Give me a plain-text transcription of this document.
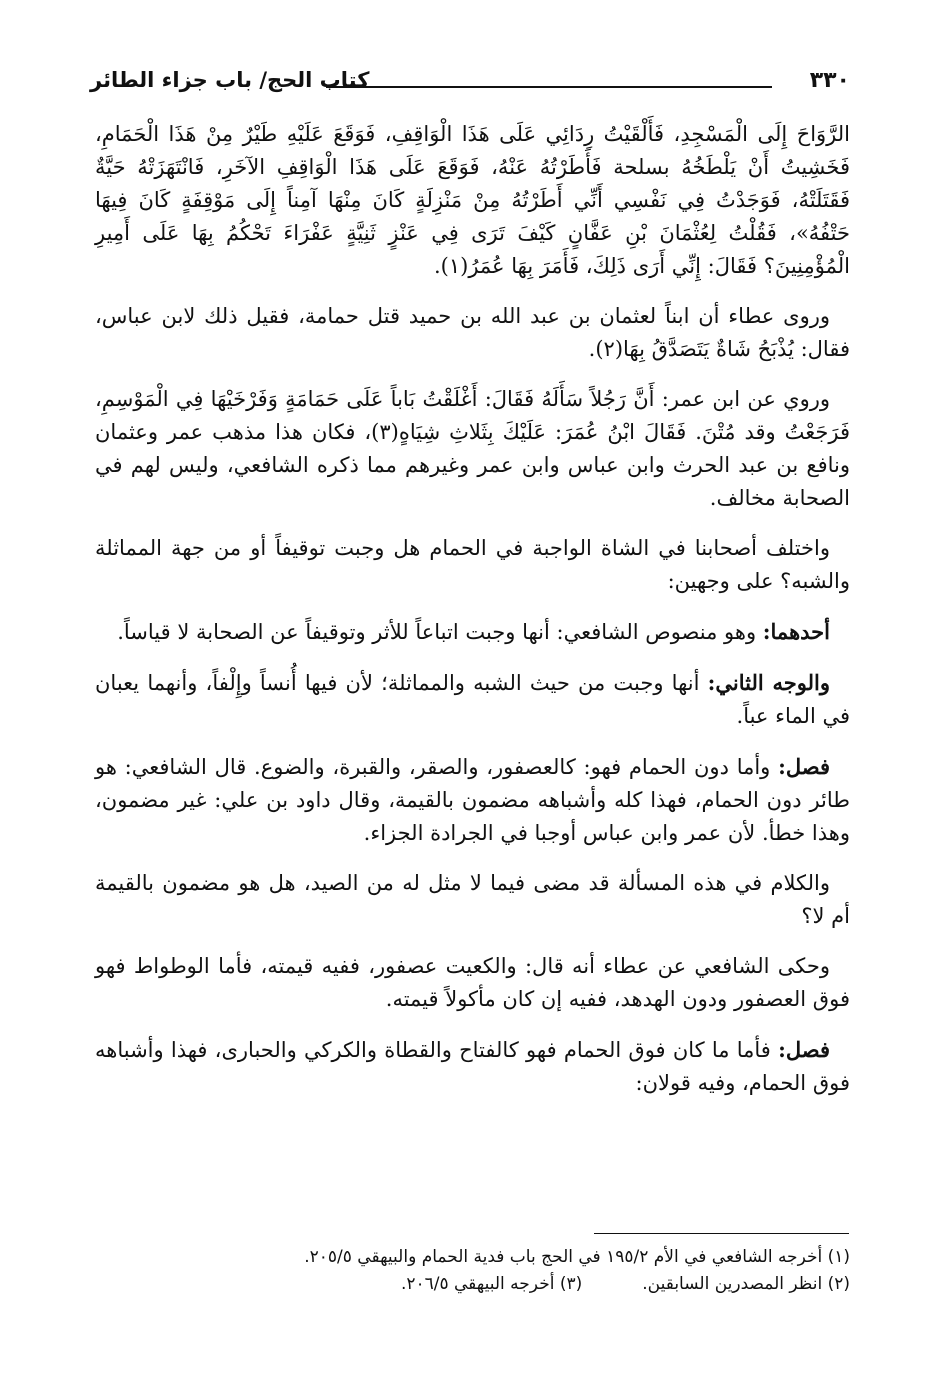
٣٣٠
كتاب الحج/ باب جزاء الطائر

الرَّوَاحَ إِلَى الْمَسْجِدِ، فَأَلْقَيْتُ رِدَائِي عَلَى هَذَا الْوَاقِفِ، فَوَقَعَ عَلَيْهِ طَيْرٌ مِنْ هَذَا الْحَمَامِ، فَخَشِيتُ أَنْ يَلْطَخُهُ بسلحة فَأَطَرْتُهُ عَنْهُ، فَوَقَعَ عَلَى هَذَا الْوَاقِفِ الآخَرِ، فَانْتَهَزَتْهُ حَيَّةٌ فَقَتَلَتْهُ، فَوَجَدْتُ فِي نَفْسِي أَنِّي أَطَرْتُهُ مِنْ مَنْزِلَةٍ كَانَ مِنْهَا آمِناً إِلَى مَوْقِفَةٍ كَانَ فِيهَا حَتْفُهُ»، فَقُلْتُ لِعُثْمَانَ بْنِ عَفَّانٍ كَيْفَ تَرَى فِي عَنْزٍ ثَنِيَّةٍ عَفْرَاءَ تَحْكُمُ بِهَا عَلَى أَمِيرِ الْمُؤْمِنِينَ؟ فَقَالَ: إِنِّي أَرَى ذَلِكَ، فَأَمَرَ بِهَا عُمَرُ(١).

وروى عطاء أن ابناً لعثمان بن عبد الله بن حميد قتل حمامة، فقيل ذلك لابن عباس، فقال: يُذْبَحُ شَاةٌ يَتَصَدَّقُ بِهَا(٢).

وروي عن ابن عمر: أَنَّ رَجُلاً سَأَلَهُ فَقَالَ: أَغْلَقْتُ بَاباً عَلَى حَمَامَةٍ وَفَرْخَيْهَا فِي الْمَوْسِمِ، فَرَجَعْتُ وقد مُتْنَ. فَقَالَ ابْنُ عُمَرَ: عَلَيْكَ بِثَلاثِ شِيَاهٍ(٣)، فكان هذا مذهب عمر وعثمان ونافع بن عبد الحرث وابن عباس وابن عمر وغيرهم مما ذكره الشافعي، وليس لهم في الصحابة مخالف.

واختلف أصحابنا في الشاة الواجبة في الحمام هل وجبت توقيفاً أو من جهة المماثلة والشبه؟ على وجهين:

أحدهما: وهو منصوص الشافعي: أنها وجبت اتباعاً للأثر وتوقيفاً عن الصحابة لا قياساً.

والوجه الثاني: أنها وجبت من حيث الشبه والمماثلة؛ لأن فيها أُنساً وإِلْفاً، وأنهما يعبان في الماء عباً.

فصل: وأما دون الحمام فهو: كالعصفور، والصقر، والقبرة، والضوع. قال الشافعي: هو طائر دون الحمام، فهذا كله وأشباهه مضمون بالقيمة، وقال داود بن علي: غير مضمون، وهذا خطأ. لأن عمر وابن عباس أوجبا في الجرادة الجزاء.

والكلام في هذه المسألة قد مضى فيما لا مثل له من الصيد، هل هو مضمون بالقيمة أم لا؟

وحكى الشافعي عن عطاء أنه قال: والكعيت عصفور، ففيه قيمته، فأما الوطواط فهو فوق العصفور ودون الهدهد، ففيه إن كان مأكولاً قيمته.

فصل: فأما ما كان فوق الحمام فهو كالفتاح والقطاة والكركي والحبارى، فهذا وأشباهه فوق الحمام، وفيه قولان:

(١) أخرجه الشافعي في الأم ١٩٥/٢ في الحج باب فدية الحمام والبيهقي ٢٠٥/٥.
(٢) انظر المصدرين السابقين.
(٣) أخرجه البيهقي ٢٠٦/٥.
